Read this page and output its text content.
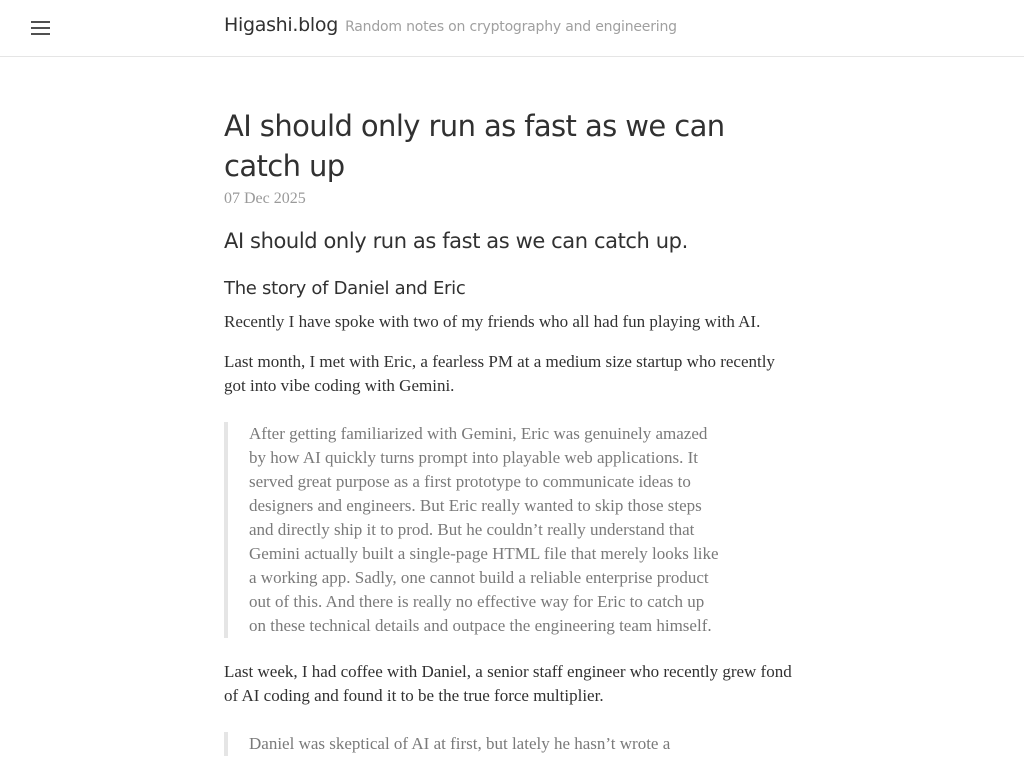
Higashi.blog Random notes on cryptography and engineering
AI should only run as fast as we can catch up
07 Dec 2025
AI should only run as fast as we can catch up.
The story of Daniel and Eric

Recently I have spoke with two of my friends who all had fun playing with AI.

Last month, I met with Eric, a fearless PM at a medium size startup who recently got into vibe coding with Gemini.

After getting familiarized with Gemini, Eric was genuinely amazed by how AI quickly turns prompt into playable web applications. It served great purpose as a first prototype to communicate ideas to designers and engineers. But Eric really wanted to skip those steps and directly ship it to prod. But he couldn’t really understand that Gemini actually built a single-page HTML file that merely looks like a working app. Sadly, one cannot build a reliable enterprise product out of this. And there is really no effective way for Eric to catch up on these technical details and outpace the engineering team himself.

Last week, I had coffee with Daniel, a senior staff engineer who recently grew fond of AI coding and found it to be the true force multiplier.

Daniel was skeptical of AI at first, but lately he hasn’t wrote a
